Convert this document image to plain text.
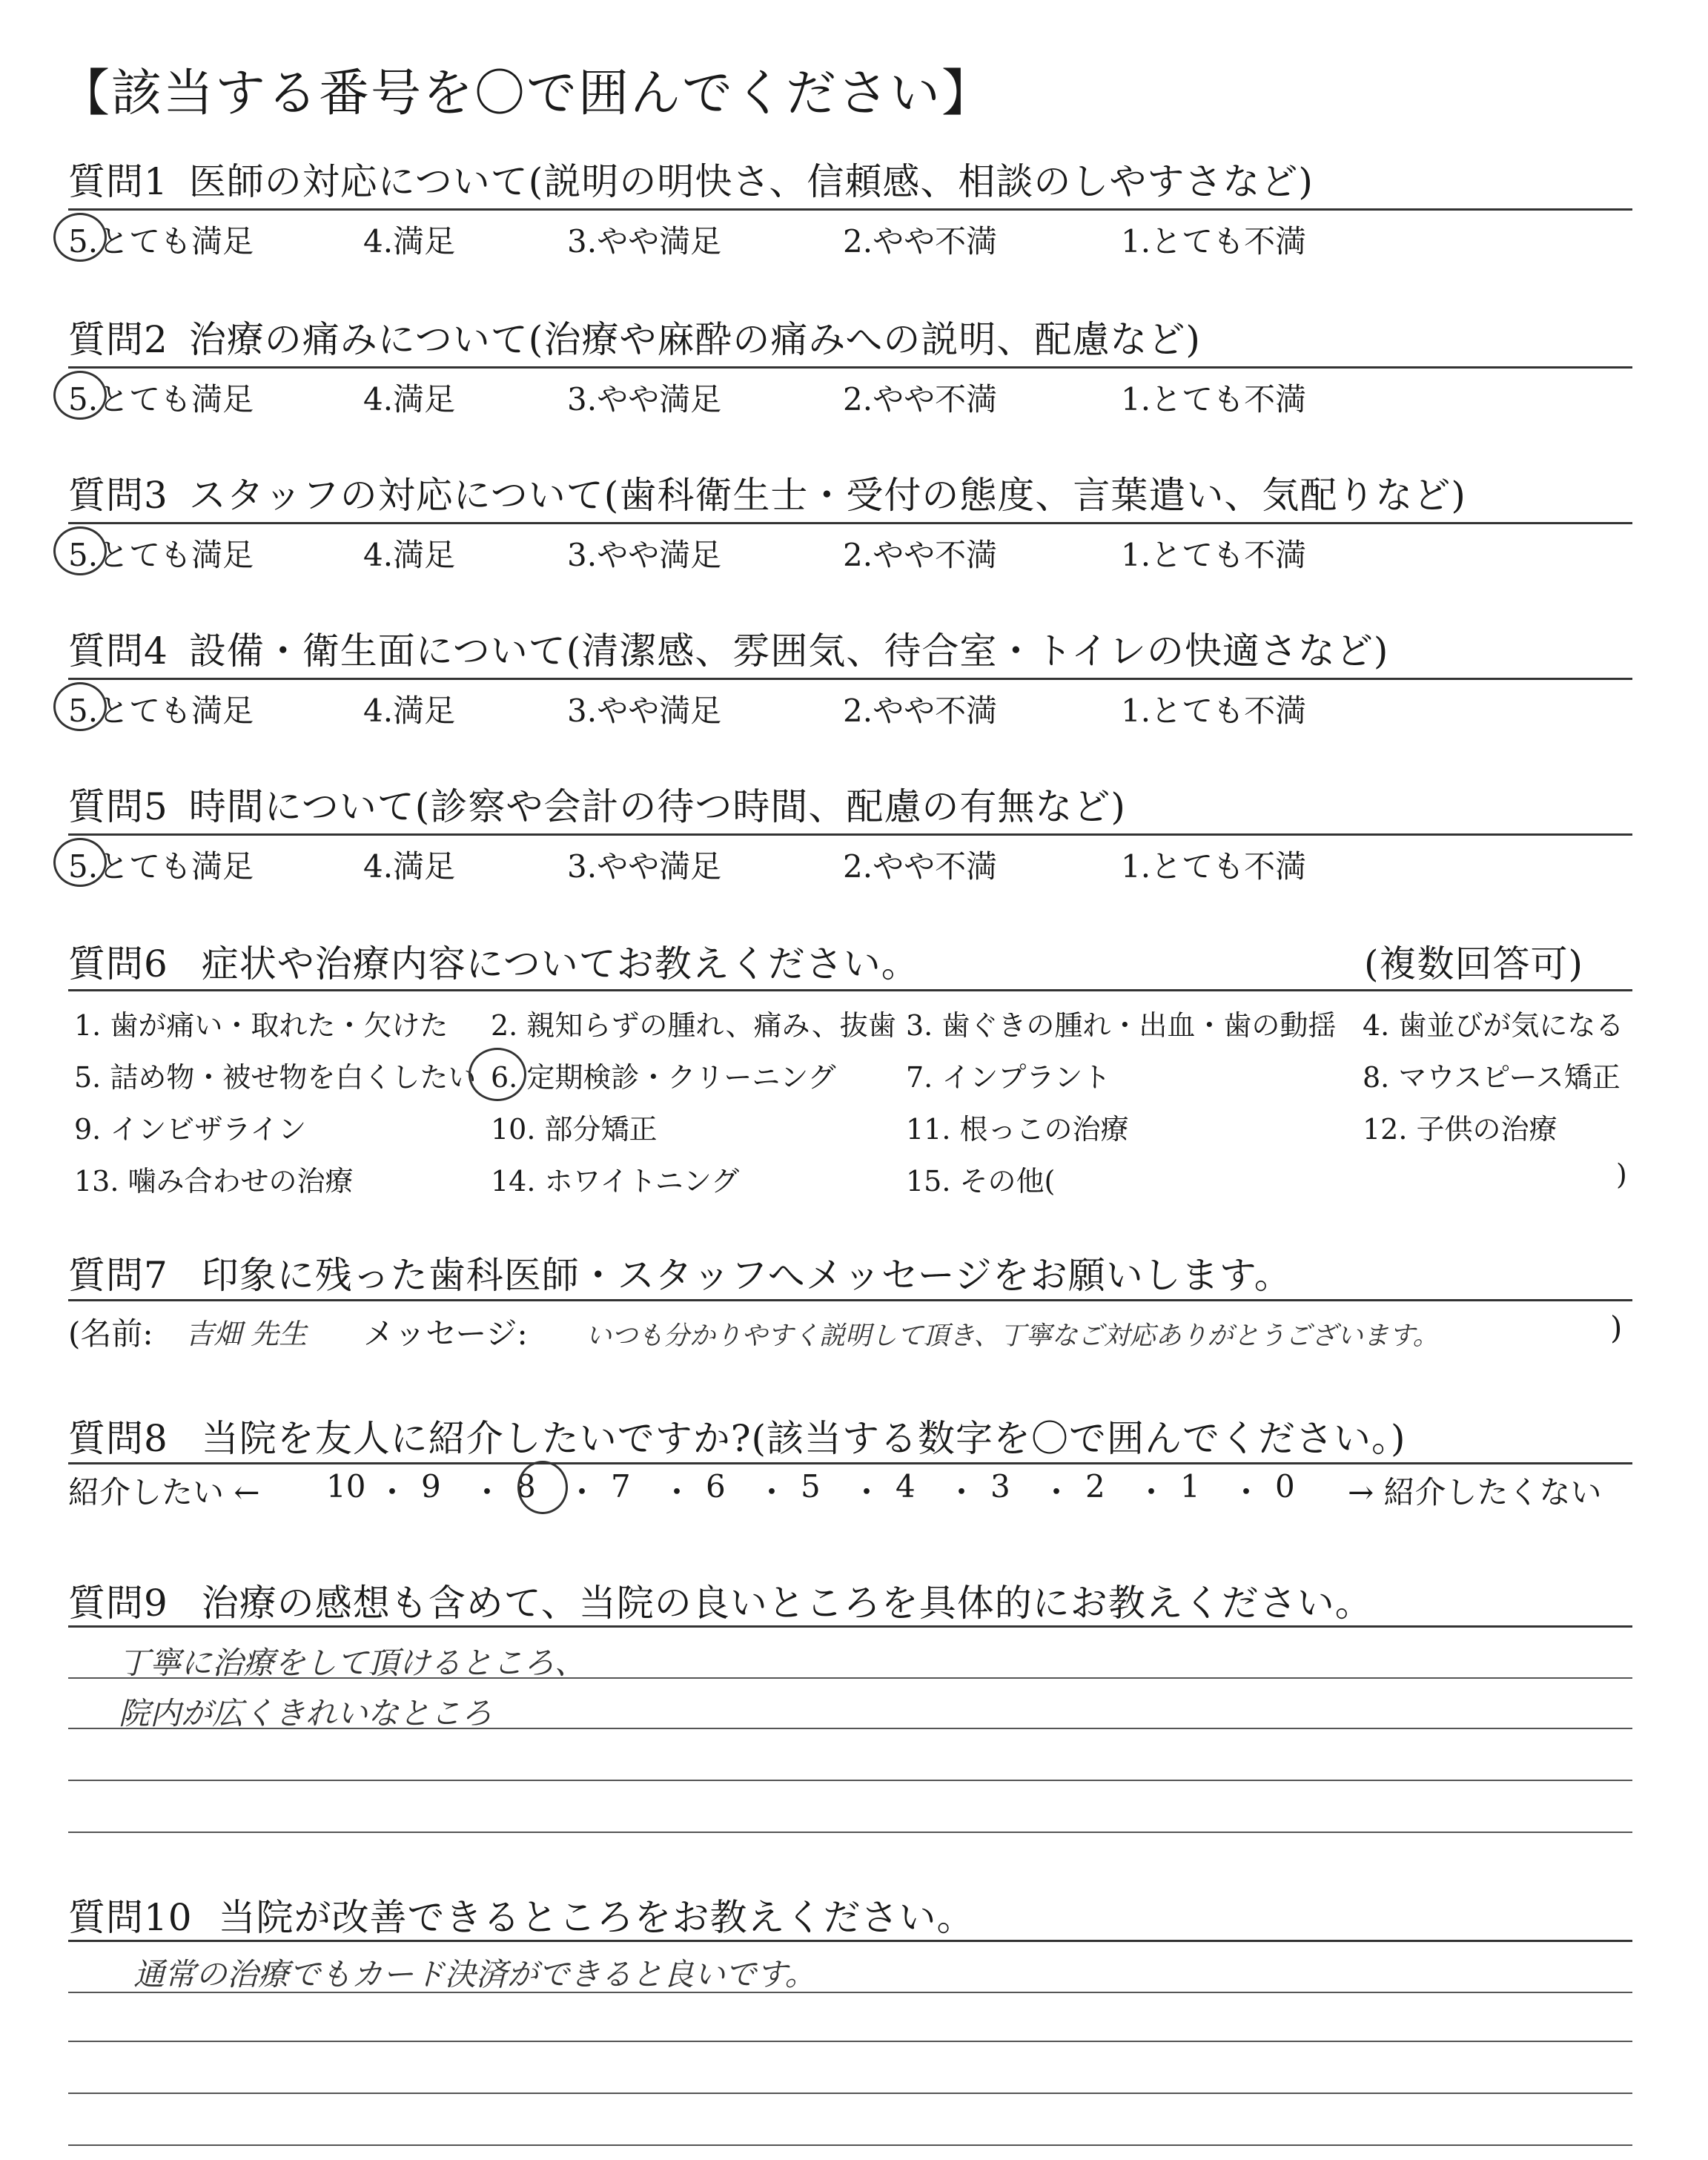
【該当する番号を〇で囲んでください】
質問1 医師の対応について(説明の明快さ、信頼感、相談のしやすさなど)
5.とても満足	4.満足	3.やや満足	2.やや不満	1.とても不満
質問2 治療の痛みについて(治療や麻酔の痛みへの説明、配慮など)
5.とても満足	4.満足	3.やや満足	2.やや不満	1.とても不満
質問3 スタッフの対応について(歯科衛生士・受付の態度、言葉遣い、気配りなど)
5.とても満足	4.満足	3.やや満足	2.やや不満	1.とても不満
質問4 設備・衛生面について(清潔感、雰囲気、待合室・トイレの快適さなど)
5.とても満足	4.満足	3.やや満足	2.やや不満	1.とても不満
質問5 時間について(診察や会計の待つ時間、配慮の有無など)
5.とても満足	4.満足	3.やや満足	2.やや不満	1.とても不満
質問6 症状や治療内容についてお教えください。	(複数回答可)
1. 歯が痛い・取れた・欠けた 2. 親知らずの腫れ、痛み、抜歯 3. 歯ぐきの腫れ・出血・歯の動揺 4. 歯並びが気になる
5. 詰め物・被せ物を白くしたい 6. 定期検診・クリーニング 7. インプラント	8. マウスピース矯正
9. インビザライン	10. 部分矯正	11. 根っこの治療	12. 子供の治療
13. 噛み合わせの治療	14. ホワイトニング	15. その他(	)
質問7 印象に残った歯科医師・スタッフへメッセージをお願いします。
(名前: 吉畑 先生 メッセージ: いつも分かりやすく説明して頂き、丁寧なご対応ありがとうございます。	)
質問8 当院を友人に紹介したいですか?(該当する数字を〇で囲んでください。)
紹介したい ← 10 ・ 9 ・ 8 ・ 7 ・ 6 ・ 5 ・ 4 ・ 3 ・ 2 ・ 1 ・ 0 → 紹介したくない
質問9 治療の感想も含めて、当院の良いところを具体的にお教えください。
丁寧に治療をして頂けるところ、
院内が広くきれいなところ
質問10 当院が改善できるところをお教えください。
通常の治療でもカード決済ができると良いです。
